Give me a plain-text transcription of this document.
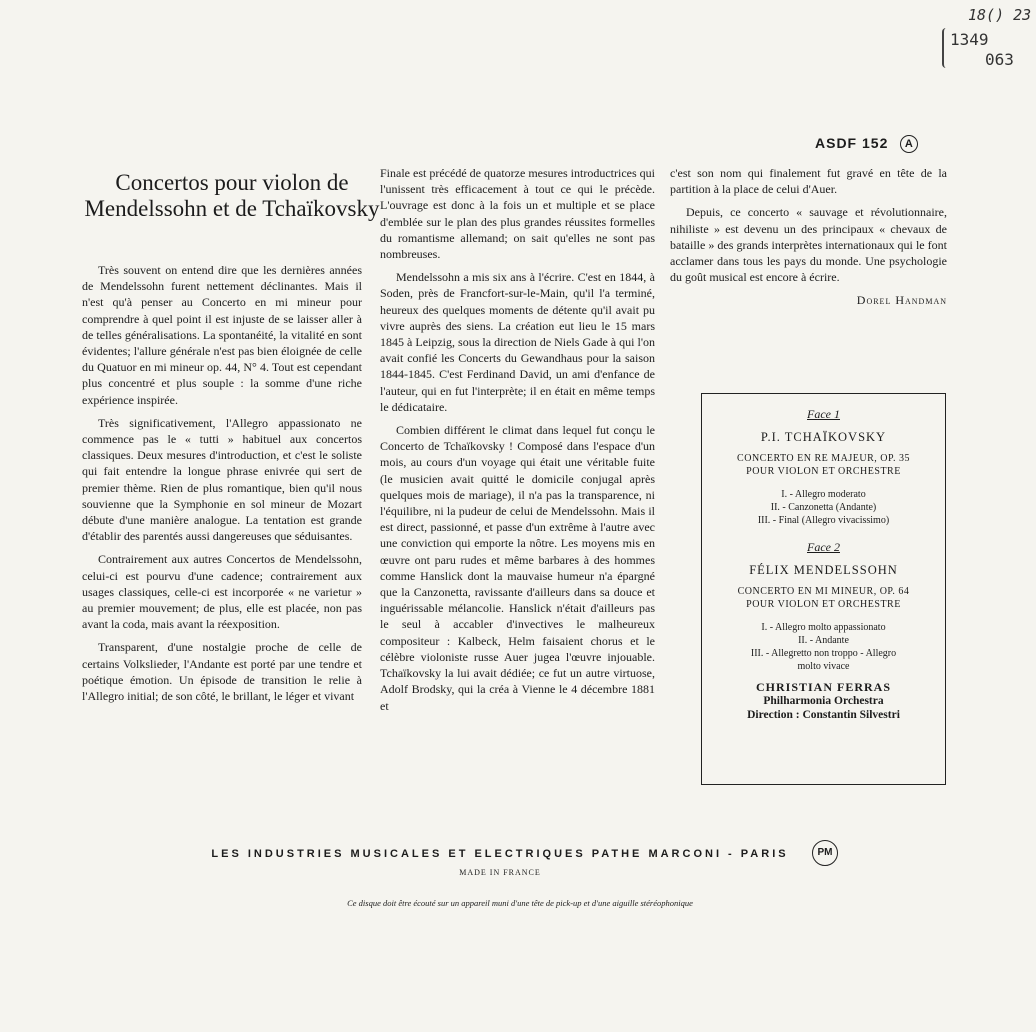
18() 23
1349
063
ASDF 152 A
Concertos pour violon de Mendelssohn et de Tchaïkovsky

Très souvent on entend dire que les dernières années de Mendelssohn furent nettement déclinantes. Mais il n'est qu'à penser au Concerto en mi mineur pour comprendre à quel point il est injuste de se laisser aller à de telles généralisations. La spontanéité, la vitalité en sont évidentes; l'allure générale n'est pas bien éloignée de celle du Quatuor en mi mineur op. 44, N° 4. Tout est cependant plus concentré et plus souple : la somme d'une riche expérience inspirée.

Très significativement, l'Allegro appassionato ne commence pas le « tutti » habituel aux concertos classiques. Deux mesures d'introduction, et c'est le soliste qui fait entendre la longue phrase enivrée qui sert de premier thème. Rien de plus romantique, bien qu'il nous souvienne que la Symphonie en sol mineur de Mozart débute d'une manière analogue. La tentation est grande d'établir des parentés aussi dangereuses que séduisantes.

Contrairement aux autres Concertos de Mendelssohn, celui-ci est pourvu d'une cadence; contrairement aux usages classiques, celle-ci est incorporée « ne varietur » au premier mouvement; de plus, elle est placée, non pas avant la coda, mais avant la réexposition.

Transparent, d'une nostalgie proche de celle de certains Volkslieder, l'Andante est porté par une tendre et poétique émotion. Un épisode de transition le relie à l'Allegro initial; de son côté, le brillant, le léger et vivant

Finale est précédé de quatorze mesures introductrices qui l'unissent très efficacement à tout ce qui le précède. L'ouvrage est donc à la fois un et multiple et se place d'emblée sur le plan des plus grandes réussites formelles du romantisme allemand; on sait qu'elles ne sont pas nombreuses.

Mendelssohn a mis six ans à l'écrire. C'est en 1844, à Soden, près de Francfort-sur-le-Main, qu'il l'a terminé, heureux des quelques moments de détente qu'il avait pu vivre auprès des siens. La création eut lieu le 15 mars 1845 à Leipzig, sous la direction de Niels Gade à qui l'on avait confié les Concerts du Gewandhaus pour la saison 1844-1845. C'est Ferdinand David, un ami d'enfance de l'auteur, qui en fut l'interprète; il en était en même temps le dédicataire.

Combien différent le climat dans lequel fut conçu le Concerto de Tchaïkovsky ! Composé dans l'espace d'un mois, au cours d'un voyage qui était une véritable fuite (le musicien avait quitté le domicile conjugal après quelques mois de mariage), il n'a pas la transparence, ni l'équilibre, ni la pudeur de celui de Mendelssohn. Mais il est direct, passionné, et passe d'un extrême à l'autre avec une conviction qui emporte la nôtre. Les moyens mis en œuvre ont paru rudes et même barbares à des hommes comme Hanslick dont la mauvaise humeur n'a épargné que la Canzonetta, ravissante d'ailleurs dans sa douce et inguérissable mélancolie. Hanslick n'était d'ailleurs pas le seul à accabler d'invectives le malheureux compositeur : Kalbeck, Helm faisaient chorus et le célèbre violoniste russe Auer jugea l'œuvre injouable. Tchaïkovsky la lui avait dédiée; ce fut un autre virtuose, Adolf Brodsky, qui la créa à Vienne le 4 décembre 1881 et

c'est son nom qui finalement fut gravé en tête de la partition à la place de celui d'Auer.

Depuis, ce concerto « sauvage et révolutionnaire, nihiliste » est devenu un des principaux « chevaux de bataille » des grands interprètes internationaux qui le font acclamer dans tous les pays du monde. Une psychologie du goût musical est encore à écrire.

Dorel Handman
Face 1
P.I. TCHAÏKOVSKY
CONCERTO EN RE MAJEUR, OP. 35
POUR VIOLON ET ORCHESTRE
I. - Allegro moderato
II. - Canzonetta (Andante)
III. - Final (Allegro vivacissimo)
Face 2
FÉLIX MENDELSSOHN
CONCERTO EN MI MINEUR, OP. 64
POUR VIOLON ET ORCHESTRE
I. - Allegro molto appassionato
II. - Andante
III. - Allegretto non troppo - Allegro molto vivace
CHRISTIAN FERRAS
Philharmonia Orchestra
Direction : Constantin Silvestri
LES INDUSTRIES MUSICALES ET ELECTRIQUES PATHE MARCONI - PARIS	PM
MADE IN FRANCE
Ce disque doit être écouté sur un appareil muni d'une tête de pick-up et d'une aiguille stéréophonique
